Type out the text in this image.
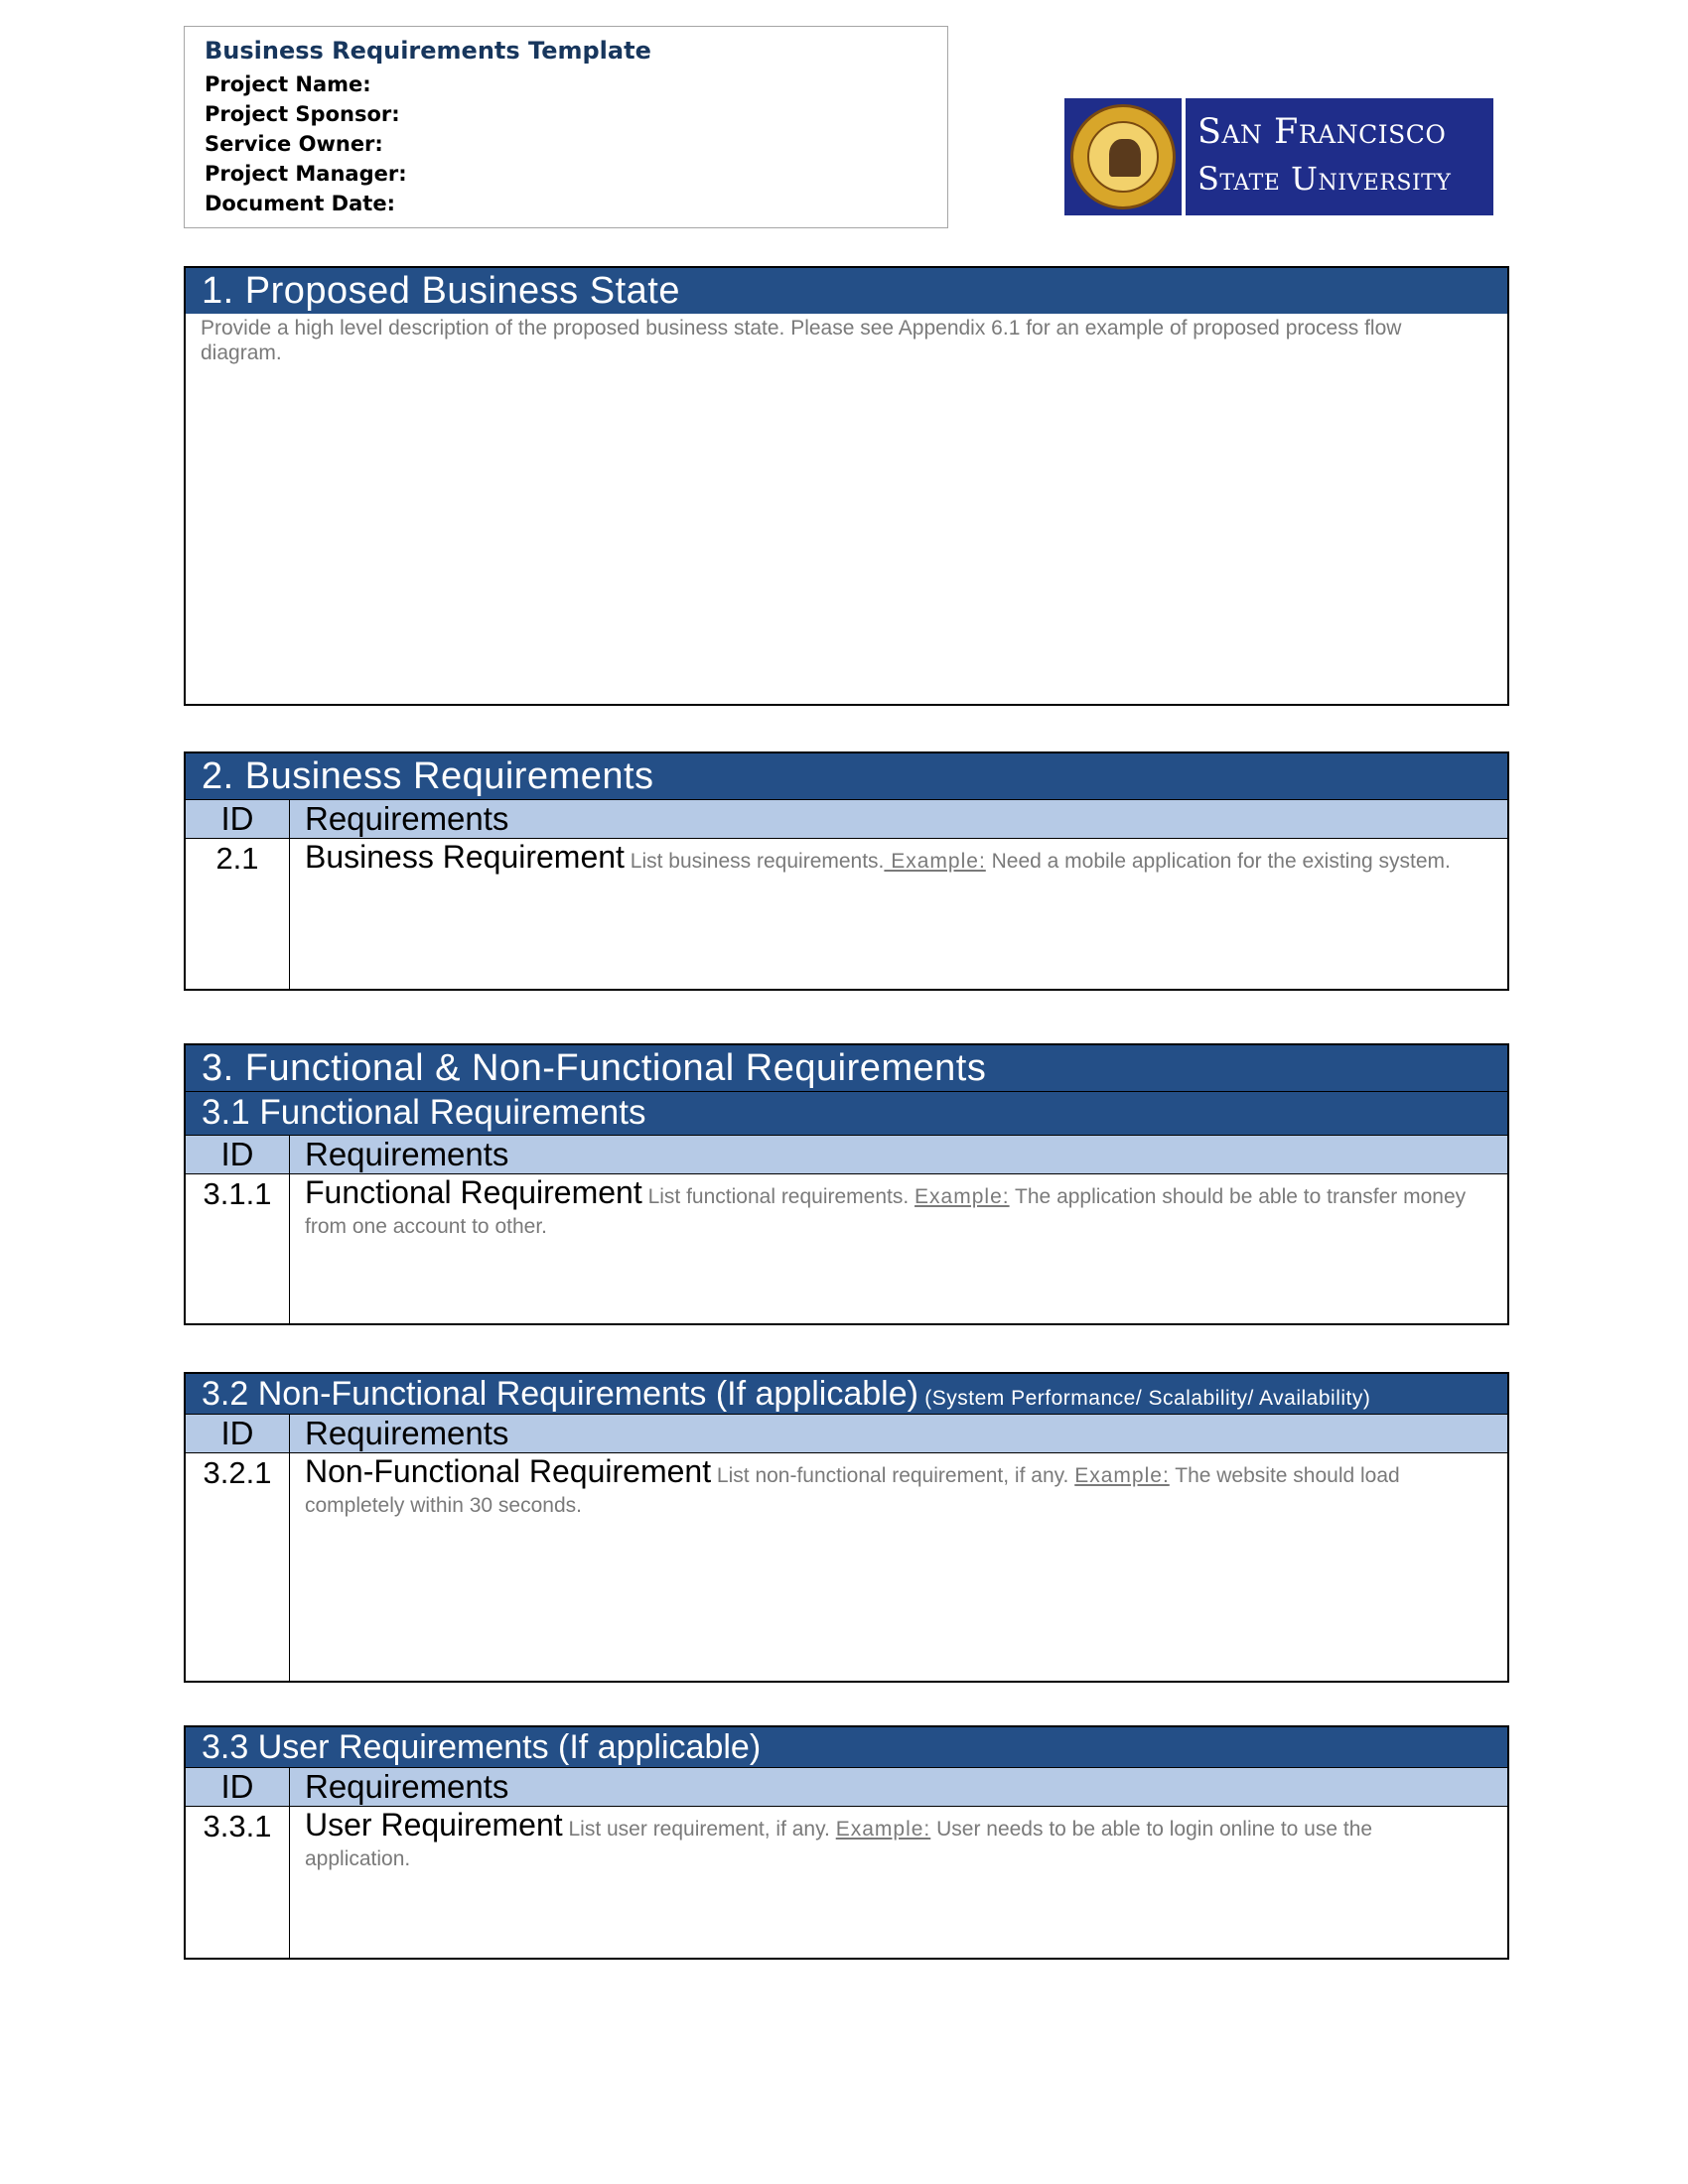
Business Requirements Template
Project Name:
Project Sponsor:
Service Owner:
Project Manager:
Document Date:
San Francisco
State University
1. Proposed Business State
Provide a high level description of the proposed business state. Please see Appendix 6.1 for an example of proposed process flow diagram.
2. Business Requirements
ID	Requirements
2.1	Business Requirement List business requirements. Example: Need a mobile application for the existing system.
3. Functional & Non-Functional Requirements
3.1 Functional Requirements
ID	Requirements
3.1.1	Functional Requirement List functional requirements. Example: The application should be able to transfer money from one account to other.
3.2 Non-Functional Requirements (If applicable) (System Performance/ Scalability/ Availability)
ID	Requirements
3.2.1	Non-Functional Requirement List non-functional requirement, if any. Example: The website should load completely within 30 seconds.
3.3 User Requirements (If applicable)
ID	Requirements
3.3.1	User Requirement List user requirement, if any. Example: User needs to be able to login online to use the application.
